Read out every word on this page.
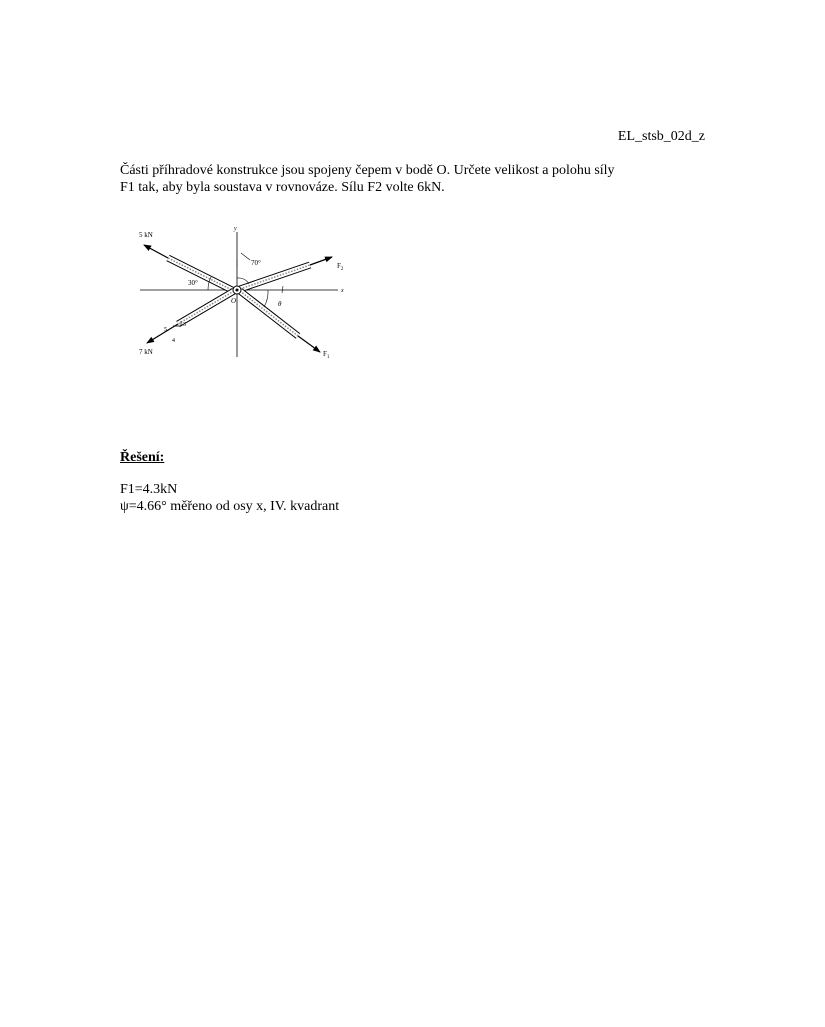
EL_stsb_02d_z
Části příhradové konstrukce jsou spojeny čepem v bodě O. Určete velikost a polohu síly
F1 tak, aby byla soustava v rovnováze. Sílu F2 volte 6kN.
5 kN
7 kN
$F_2$
$F_1$
70°
30°
θ
O
x
y
5
3
4
Řešení:
F1=4.3kN
ψ=4.66° měřeno od osy x, IV. kvadrant
